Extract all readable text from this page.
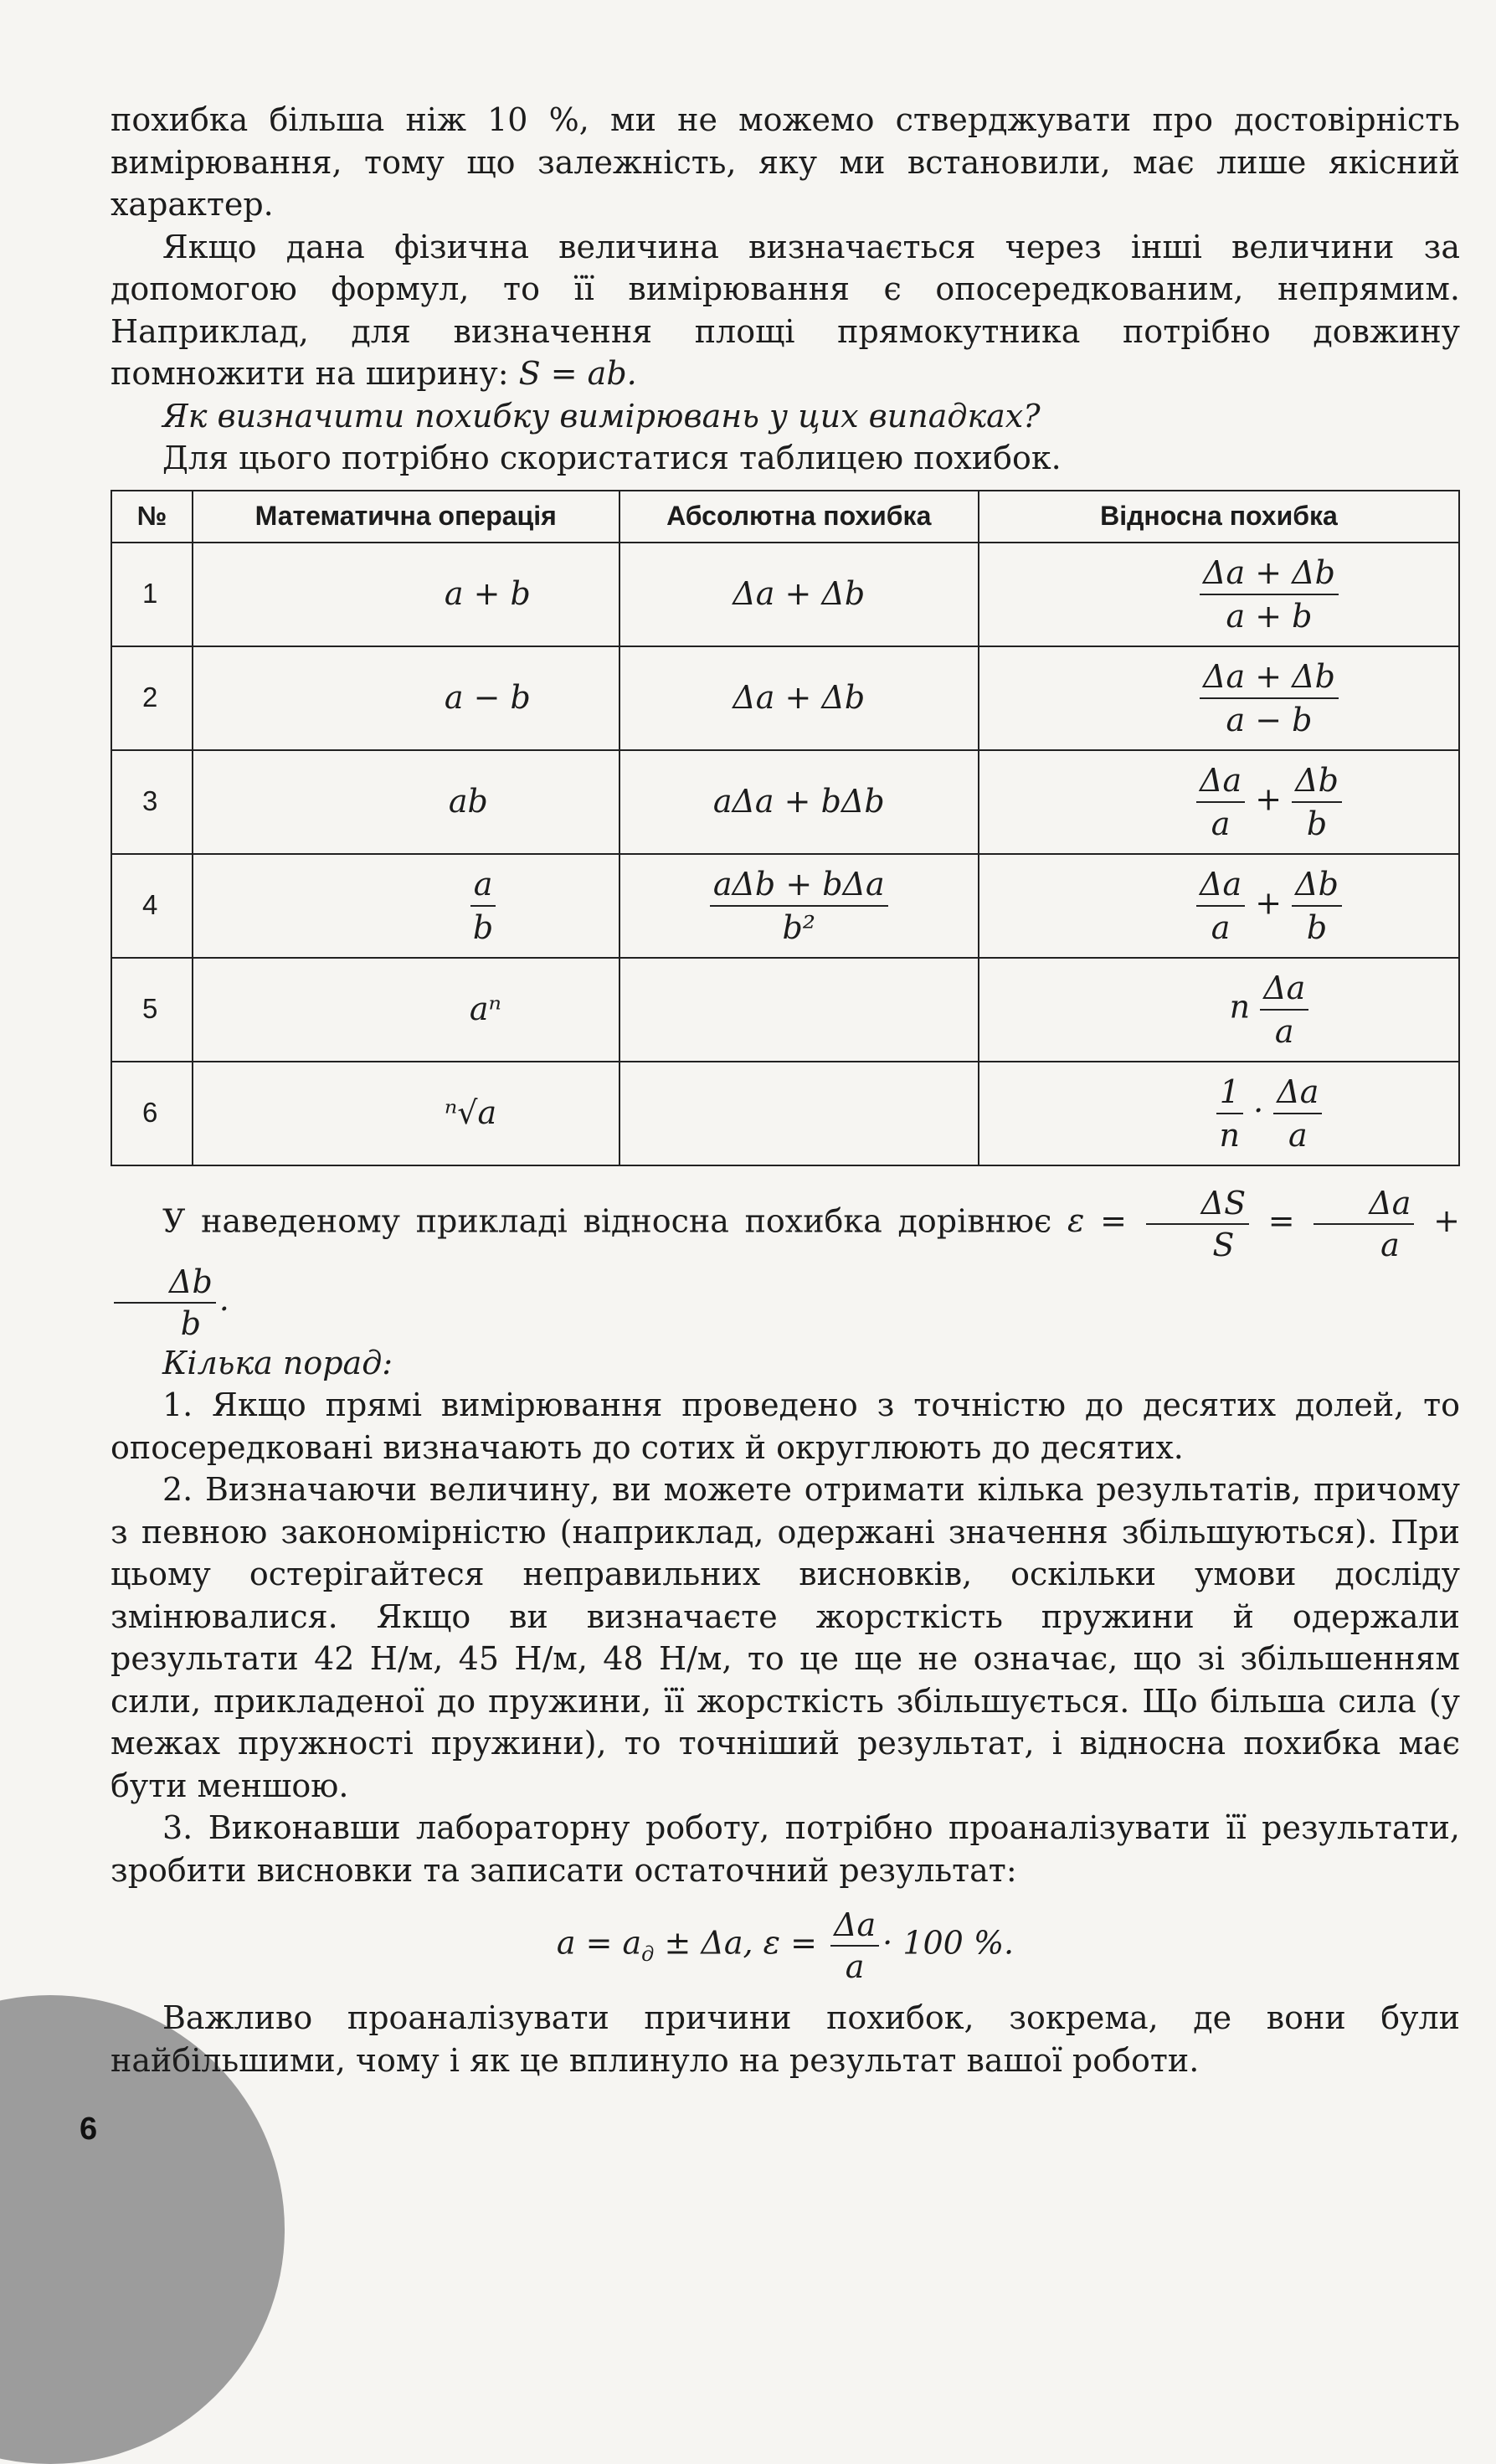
похибка більша ніж 10 %, ми не можемо стверджувати про достовірність вимірювання, тому що залежність, яку ми встановили, має лише якісний характер.

Якщо дана фізична величина визначається через інші величини за допомогою формул, то її вимірювання є опосередкованим, непрямим. Наприклад, для визначення площі прямокутника потрібно довжину помножити на ширину: S = ab.

Як визначити похибку вимірювань у цих випадках?

Для цього потрібно скористатися таблицею похибок.

№	Математична операція	Абсолютна похибка	Відносна похибка
1	a + b	Δa + Δb	$\frac{\Delta a + \Delta b}{a + b}$

2	a − b	Δa + Δb	$\frac{\Delta a + \Delta b}{a - b}$

3	ab	aΔa + bΔb	$\frac{\Delta a}{a} + \frac{\Delta b}{b}$

4	$\frac{a}{b}$	$\frac{\text{aΔb + bΔa}}{\text{b²}}$	$\frac{\Delta a}{a} + \frac{\Delta b}{b}$

5	aⁿ		n $\frac{\Delta a}{a}$

6	ⁿ√a		$\frac{1}{n} \cdot \frac{\Delta a}{a}$

У наведеному прикладі відносна похибка дорівнює $\varepsilon = \frac{\Delta S}{S} = \frac{\Delta a}{a}$ +
$\frac{\Delta b}{b}$ .

Кілька порад:

1. Якщо прямі вимірювання проведено з точністю до десятих долей, то опосередковані визначають до сотих й округлюють до десятих.

2. Визначаючи величину, ви можете отримати кілька результатів, причому з певною закономірністю (наприклад, одержані значення збільшуються). При цьому остерігайтеся неправильних висновків, оскільки умови досліду змінювалися. Якщо ви визначаєте жорсткість пружини й одержали результати 42 Н/м, 45 Н/м, 48 Н/м, то це ще не означає, що зі збільшенням сили, прикладеної до пружини, її жорсткість збільшується. Що більша сила (у межах пружності пружини), то точніший результат, і відносна похибка має бути меншою.

3. Виконавши лабораторну роботу, потрібно проаналізувати її результати, зробити висновки та записати остаточний результат:

$a = a_д \pm \Delta a$, $\varepsilon = \frac{\Delta a}{a} \cdot 100$ %.

Важливо проаналізувати причини похибок, зокрема, де вони були найбільшими, чому і як це вплинуло на результат вашої роботи.

6
